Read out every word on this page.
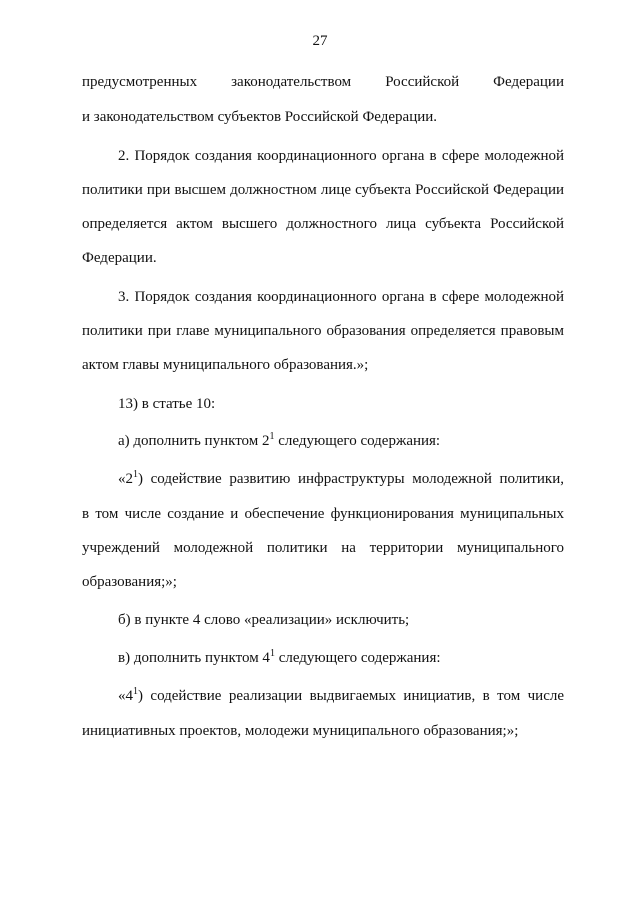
27
предусмотренных законодательством Российской Федерации
и законодательством субъектов Российской Федерации.
2. Порядок создания координационного органа в сфере молодежной
политики при высшем должностном лице субъекта Российской Федерации
определяется актом высшего должностного лица субъекта Российской
Федерации.
3. Порядок создания координационного органа в сфере молодежной
политики при главе муниципального образования определяется правовым
актом главы муниципального образования.»;
13) в статье 10:
а) дополнить пунктом $2^1$ следующего содержания:
«$2^1$) содействие развитию инфраструктуры молодежной политики,
в том числе создание и обеспечение функционирования муниципальных
учреждений молодежной политики на территории муниципального
образования;»;
б) в пункте 4 слово «реализации» исключить;
в) дополнить пунктом $4^1$ следующего содержания:
«$4^1$) содействие реализации выдвигаемых инициатив, в том числе
инициативных проектов, молодежи муниципального образования;»;
